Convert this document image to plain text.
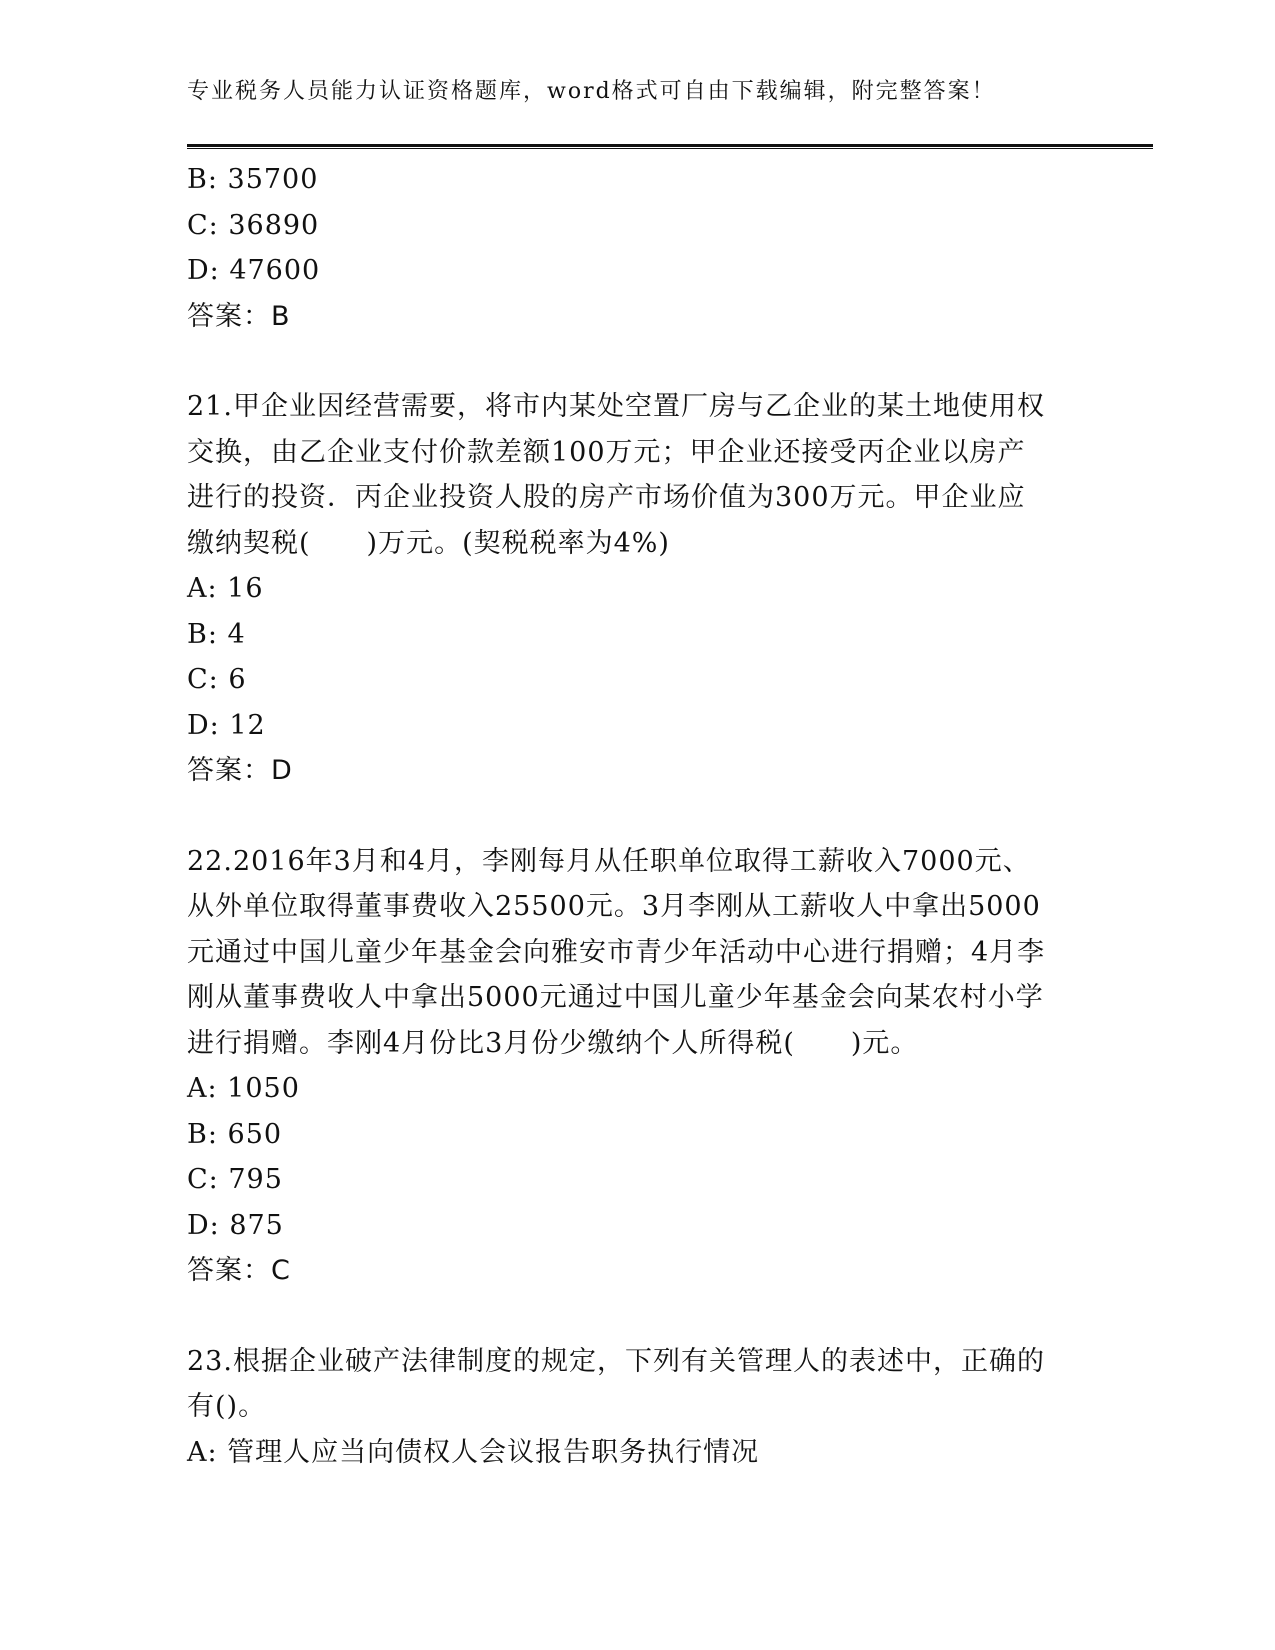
专业税务人员能力认证资格题库，word格式可自由下载编辑，附完整答案！
B: 35700
C: 36890
D: 47600
答案：B
21.甲企业因经营需要，将市内某处空置厂房与乙企业的某土地使用权
交换，由乙企业支付价款差额100万元；甲企业还接受丙企业以房产
进行的投资．丙企业投资人股的房产市场价值为300万元。甲企业应
缴纳契税(　　)万元。(契税税率为4%)
A: 16
B: 4
C: 6
D: 12
答案：D
22.2016年3月和4月，李刚每月从任职单位取得工薪收入7000元、
从外单位取得董事费收入25500元。3月李刚从工薪收人中拿出5000
元通过中国儿童少年基金会向雅安市青少年活动中心进行捐赠；4月李
刚从董事费收人中拿出5000元通过中国儿童少年基金会向某农村小学
进行捐赠。李刚4月份比3月份少缴纳个人所得税(　　)元。
A: 1050
B: 650
C: 795
D: 875
答案：C
23.根据企业破产法律制度的规定，下列有关管理人的表述中，正确的
有()。
A: 管理人应当向债权人会议报告职务执行情况
